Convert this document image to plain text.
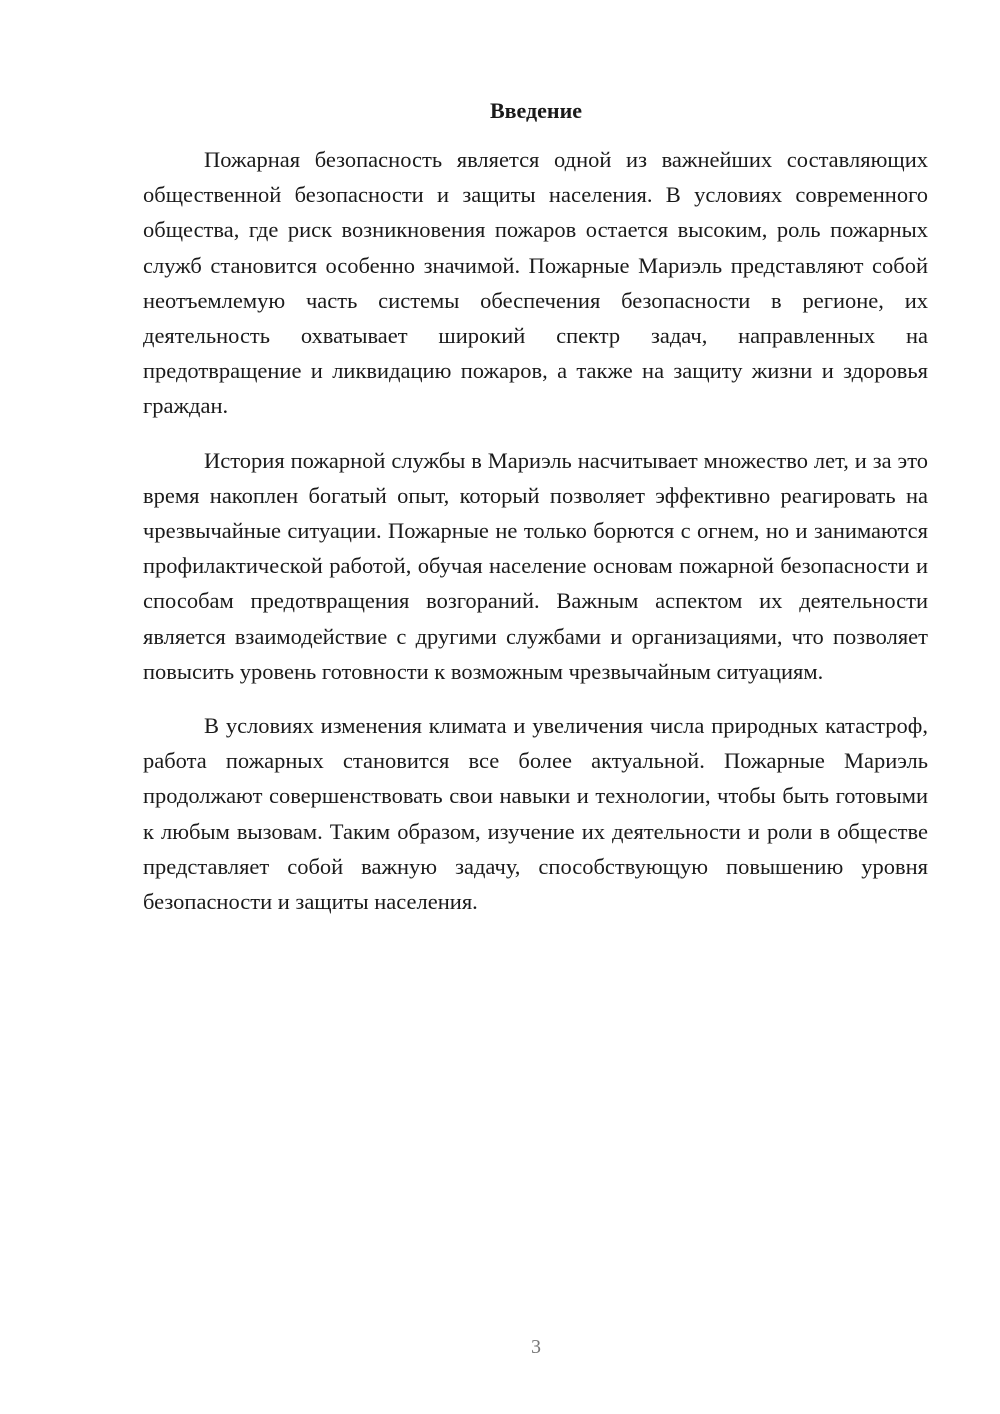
Введение

Пожарная безопасность является одной из важнейших составляющих общественной безопасности и защиты населения. В условиях современного общества, где риск возникновения пожаров остается высоким, роль пожарных служб становится особенно значимой. Пожарные Мариэль представляют собой неотъемлемую часть системы обеспечения безопасности в регионе, их деятельность охватывает широкий спектр задач, направленных на предотвращение и ликвидацию пожаров, а также на защиту жизни и здоровья граждан.

История пожарной службы в Мариэль насчитывает множество лет, и за это время накоплен богатый опыт, который позволяет эффективно реагировать на чрезвычайные ситуации. Пожарные не только борются с огнем, но и занимаются профилактической работой, обучая население основам пожарной безопасности и способам предотвращения возгораний. Важным аспектом их деятельности является взаимодействие с другими службами и организациями, что позволяет повысить уровень готовности к возможным чрезвычайным ситуациям.

В условиях изменения климата и увеличения числа природных катастроф, работа пожарных становится все более актуальной. Пожарные Мариэль продолжают совершенствовать свои навыки и технологии, чтобы быть готовыми к любым вызовам. Таким образом, изучение их деятельности и роли в обществе представляет собой важную задачу, способствующую повышению уровня безопасности и защиты населения.

3
